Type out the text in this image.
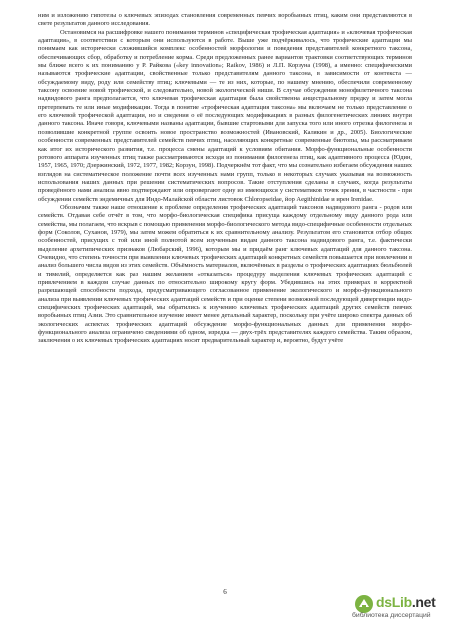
ним и изложению гипотезы о ключевых эпизодах становления современных певчих воробьиных птиц, каким они представляются в свете результатов данного исследования.

Остановимся на расшифровке нашего понимания терминов «специфическая трофическая адаптация» и «ключевая трофическая адаптация», в соответствии с которым они используются в работе. Выше уже подчёркивалось, что трофические адаптации мы понимаем как исторически сложившийся комплекс особенностей морфологии и поведения представителей конкретного таксона, обеспечивающих сбор, обработку и потребление корма. Среди предложенных ранее вариантов трактовки соответствующих терминов мы ближе всего к их пониманию у Р. Райкова («key innovation»; Raikov, 1986) и Л.П. Корзуна (1998), а именно: специфическими называются трофические адаптации, свойственные только представителям данного таксона, в зависимости от контекста — обсуждаемому виду, роду или семейству птиц; ключевыми — те из них, которые, по нашему мнению, обеспечили современному таксону освоение новой трофической, и следовательно, новой экологической ниши. В случае обсуждения монофилетичного таксона надвидового ранга предполагается, что ключевая трофическая адаптация была свойственна анцестральному предку и затем могла претерпевать те или иные модификации. Тогда в понятие «трофическая адаптация таксона» мы включаем не только представление о его ключевой трофической адаптации, но и сведения о её последующих модификациях в разных филогенетических линиях внутри данного таксона. Иначе говоря, ключевыми названы адаптации, бывшие стартовыми для запуска того или иного отрезка филогенеза и позволившие конкретной группе освоить новое пространство возможностей (Ивановский, Калякин и др., 2005). Биологические особенности современных представителей семейств певчих птиц, населяющих конкретные современные биотопы, мы рассматриваем как итог их исторического развития, т.е. процесса смены адаптаций к условиям обитания. Морфо-функциональные особенности ротового аппарата изученных птиц также рассматриваются исходя из понимания филогенеза птиц, как адаптивного процесса (Юдин, 1957, 1965, 1970; Дзержинский, 1972, 1977, 1982; Корзун, 1998). Подчеркнём тот факт, что мы сознательно избегаем обсуждения наших взглядов на систематическое положение почти всех изученных нами групп, только в некоторых случаях указывая на возможность использования наших данных при решении систематических вопросов. Такие отступления сделаны в случаях, когда результаты проведённого нами анализа явно подтверждают или опровергают одну из имеющихся у систематиков точек зрения, в частности - при обсуждении семейств эндемичных для Индо-Малайской области листовок Chloropseidae, йор Aegithinidae и ирен Irenidae.

Обозначим также наше отношение к проблеме определения трофических адаптаций таксонов надвидового ранга - родов или семейств. Отдавая себе отчёт в том, что морфо-биологическая специфика присуща каждому отдельному виду данного рода или семейства, мы полагаем, что вскрыв с помощью применения морфо-биологического метода видо-специфичные особенности отдельных форм (Соколов, Суханов, 1979), мы затем можем обратиться к их сравнительному анализу. Результатом его становится отбор общих особенностей, присущих с той или иной полнотой всем изученным видам данного таксона надвидового ранга, т.е. фактически выделение архетипических признаков (Любарский, 1996), которым мы и придаём ранг ключевых адаптаций для данного таксона. Очевидно, что степень точности при выявлении ключевых трофических адаптаций конкретных семейств повышается при вовлечении в анализ большего числа видов из этих семейств. Объёмность материалов, включённых в разделы о трофических адаптациях бюльбюлей и тимелий, определяется как раз нашим желанием «отказаться» процедуру выделения ключевых трофических адаптаций с привлечением в каждом случае данных по относительно широкому кругу форм. Убедившись на этих примерах в корректной разрешающей способности подхода, предусматривающего согласованное применение экологического и морфо-функционального анализа при выявлении ключевых трофических адаптаций семейств и при оценке степени возможной последующей дивергенции видо-специфических трофических адаптаций, мы обратились к изучению ключевых трофических адаптаций других семейств певчих воробьиных птиц Азии. Это сравнительное изучение имеет менее детальный характер, поскольку при учёте широко спектра данных об экологических аспектах трофических адаптаций обсуждение морфо-функциональных данных для применения морфо-функционального анализа ограничено сведениями об одном, изредка — двух-трёх представителях каждого семейства. Таким образом, заключения о их ключевых трофических адаптациях носят предварительный характер и, вероятно, будут учёте

6
dsLib.net
библиотека диссертаций
